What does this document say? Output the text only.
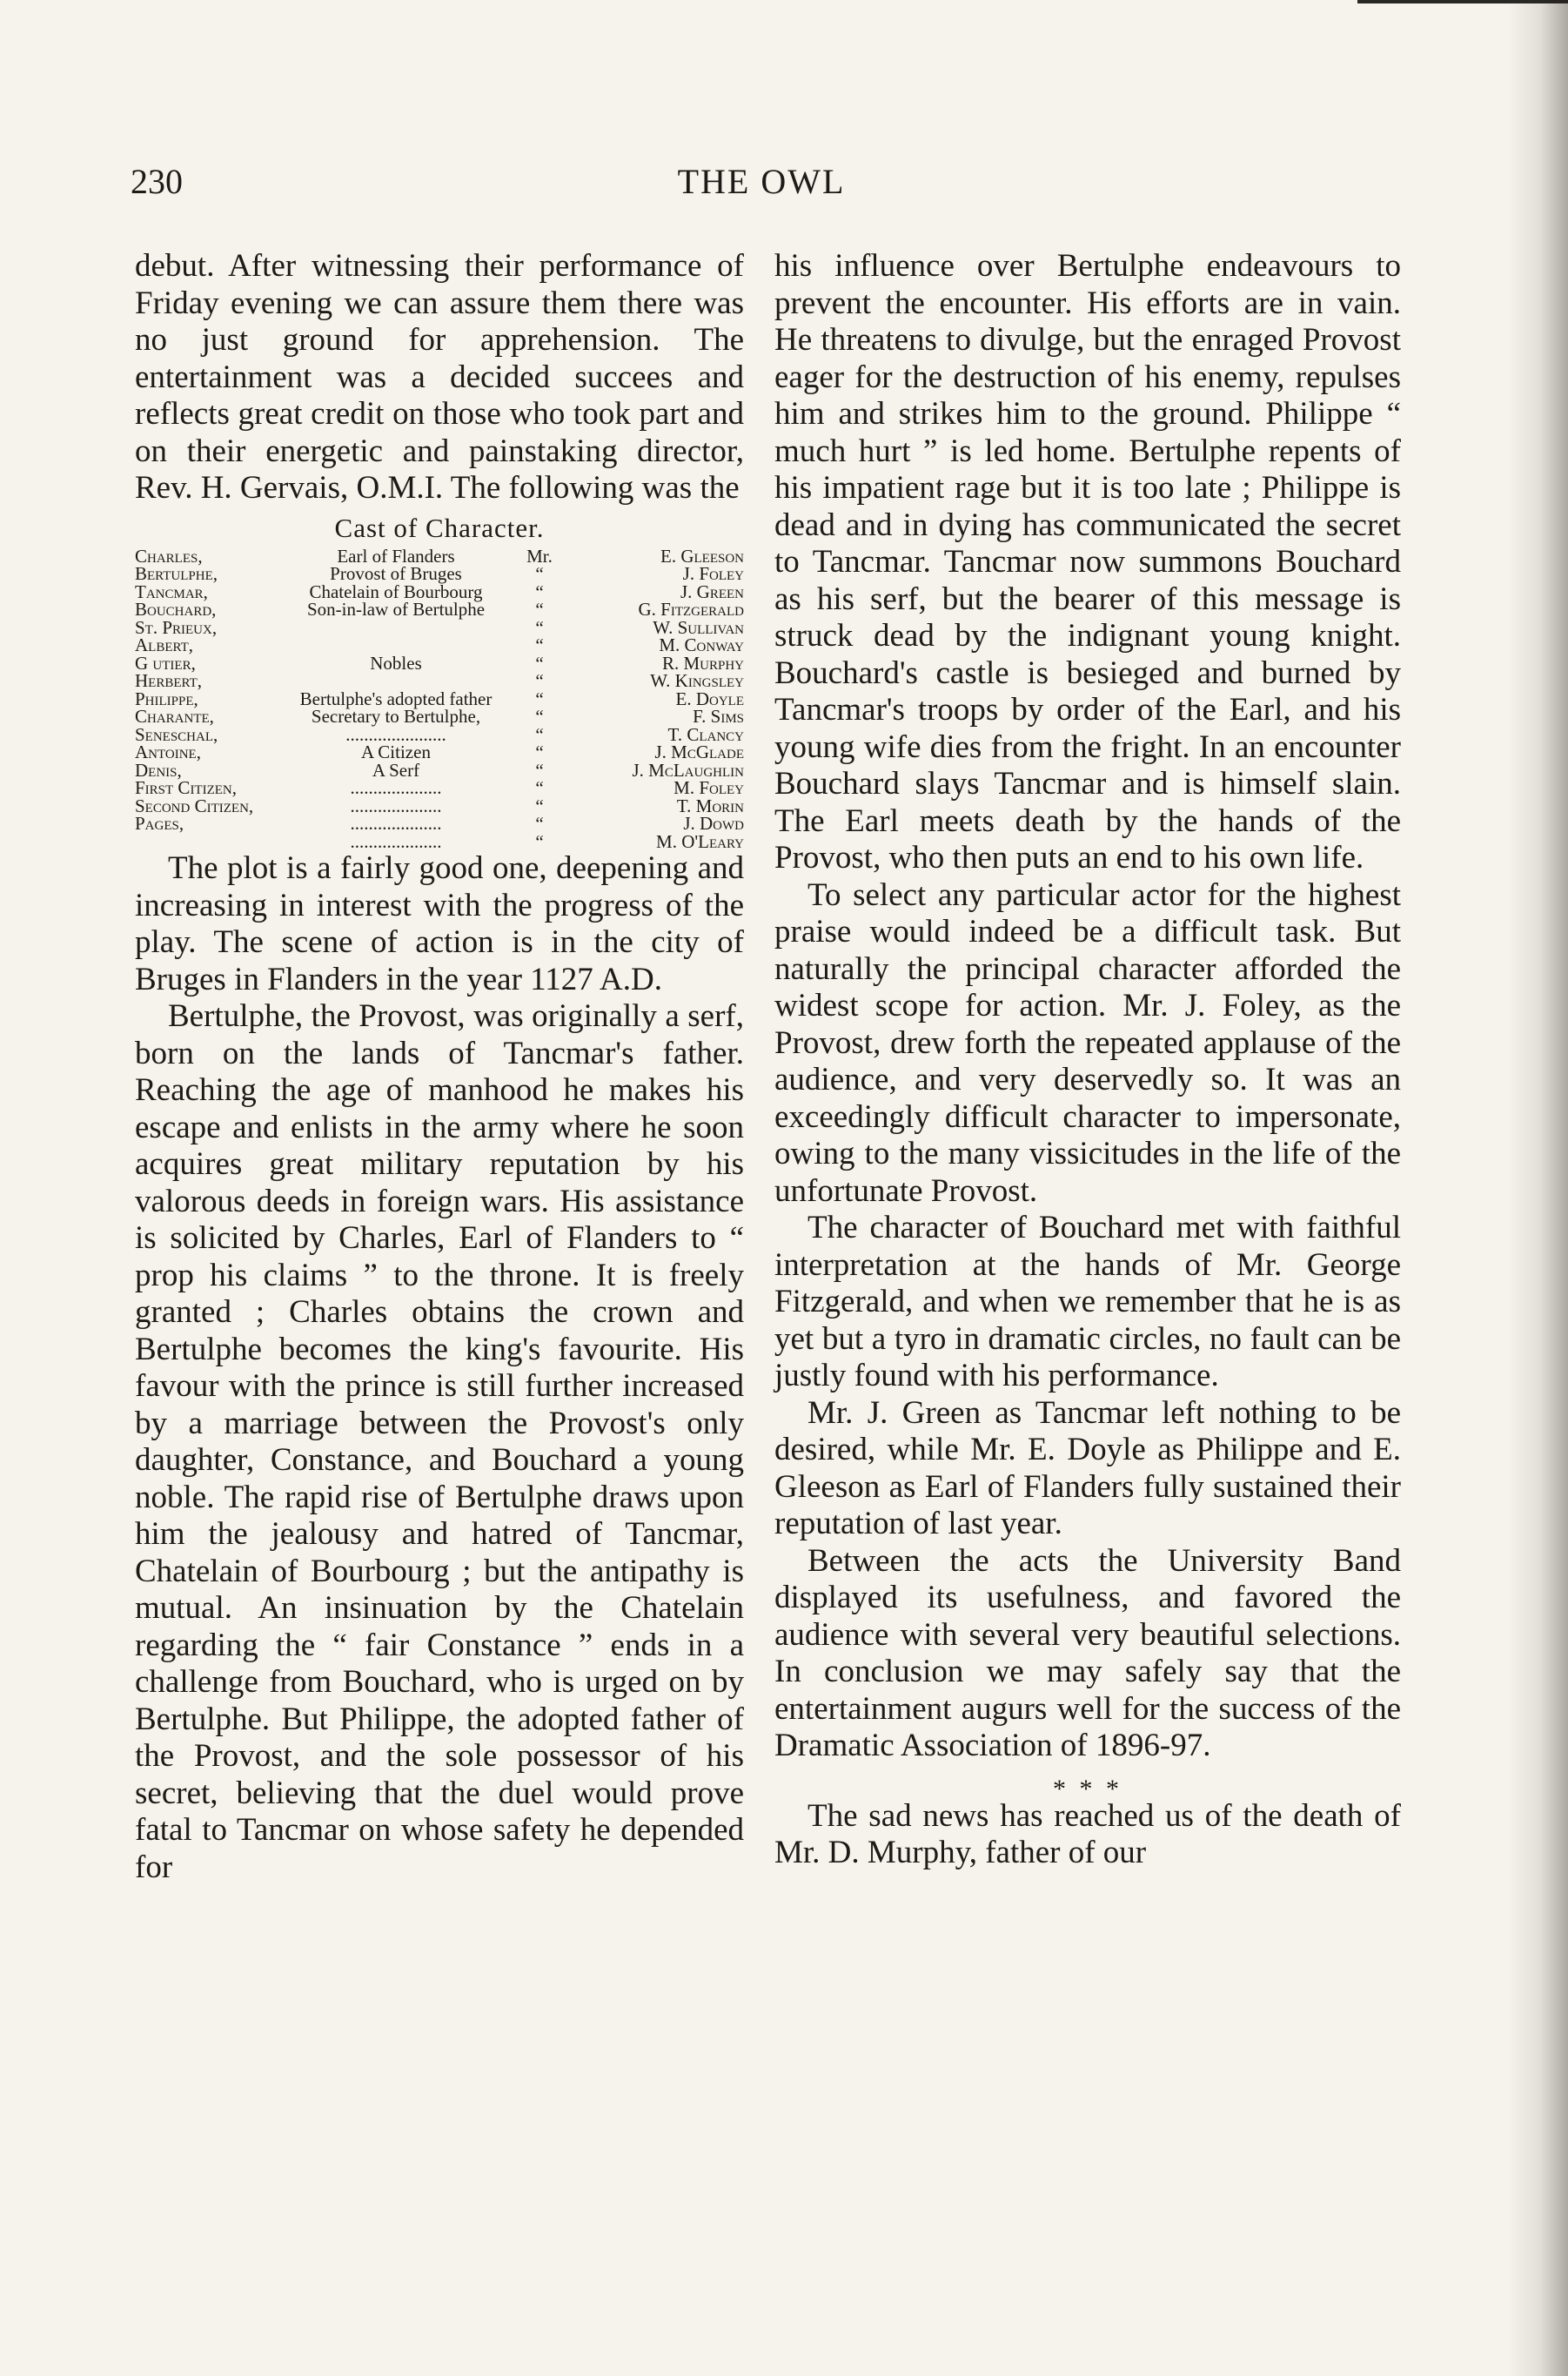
230	THE OWL

debut. After witnessing their performance of Friday evening we can assure them there was no just ground for apprehension. The entertainment was a decided succees and reflects great credit on those who took part and on their energetic and painstaking director, Rev. H. Gervais, O.M.I. The following was the

Cast of Character.
Charles,	Earl of Flanders	Mr.	E. Gleeson
Bertulphe,	Provost of Bruges	“	J. Foley
Tancmar,	Chatelain of Bourbourg	“	J. Green
Bouchard,	Son-in-law of Bertulphe	“	G. Fitzgerald
St. Prieux,		“	W. Sullivan
Albert,		“	M. Conway
G utier,	Nobles	“	R. Murphy
Herbert,		“	W. Kingsley
Philippe,	Bertulphe's adopted father	“	E. Doyle
Charante,	Secretary to Bertulphe,	“	F. Sims
Seneschal,	......................	“	T. Clancy
Antoine,	A Citizen	“	J. McGlade
Denis,	A Serf	“	J. McLaughlin
First Citizen,	....................	“	M. Foley
Second Citizen,	....................	“	T. Morin
Pages,	....................	“	J. Dowd
	....................	“	M. O'Leary

The plot is a fairly good one, deepening and increasing in interest with the progress of the play. The scene of action is in the city of Bruges in Flanders in the year 1127 A.D.

Bertulphe, the Provost, was originally a serf, born on the lands of Tancmar's father. Reaching the age of manhood he makes his escape and enlists in the army where he soon acquires great military reputation by his valorous deeds in foreign wars. His assistance is solicited by Charles, Earl of Flanders to “ prop his claims ” to the throne. It is freely granted ; Charles obtains the crown and Bertulphe becomes the king's favourite. His favour with the prince is still further increased by a marriage between the Provost's only daughter, Constance, and Bouchard a young noble. The rapid rise of Bertulphe draws upon him the jealousy and hatred of Tancmar, Chatelain of Bourbourg ; but the antipathy is mutual. An insinuation by the Chatelain regarding the “ fair Constance ” ends in a challenge from Bouchard, who is urged on by Bertulphe. But Philippe, the adopted father of the Provost, and the sole possessor of his secret, believing that the duel would prove fatal to Tancmar on whose safety he depended for

his influence over Bertulphe endeavours to prevent the encounter. His efforts are in vain. He threatens to divulge, but the enraged Provost eager for the destruction of his enemy, repulses him and strikes him to the ground. Philippe “ much hurt ” is led home. Bertulphe repents of his impatient rage but it is too late ; Philippe is dead and in dying has communicated the secret to Tancmar. Tancmar now summons Bouchard as his serf, but the bearer of this message is struck dead by the indignant young knight. Bouchard's castle is besieged and burned by Tancmar's troops by order of the Earl, and his young wife dies from the fright. In an encounter Bouchard slays Tancmar and is himself slain. The Earl meets death by the hands of the Provost, who then puts an end to his own life.

To select any particular actor for the highest praise would indeed be a difficult task. But naturally the principal character afforded the widest scope for action. Mr. J. Foley, as the Provost, drew forth the repeated applause of the audience, and very deservedly so. It was an exceedingly difficult character to impersonate, owing to the many vissicitudes in the life of the unfortunate Provost.

The character of Bouchard met with faithful interpretation at the hands of Mr. George Fitzgerald, and when we remember that he is as yet but a tyro in dramatic circles, no fault can be justly found with his performance.

Mr. J. Green as Tancmar left nothing to be desired, while Mr. E. Doyle as Philippe and E. Gleeson as Earl of Flanders fully sustained their reputation of last year.

Between the acts the University Band displayed its usefulness, and favored the audience with several very beautiful selections. In conclusion we may safely say that the entertainment augurs well for the success of the Dramatic Association of 1896-97.

* * *

The sad news has reached us of the death of Mr. D. Murphy, father of our
